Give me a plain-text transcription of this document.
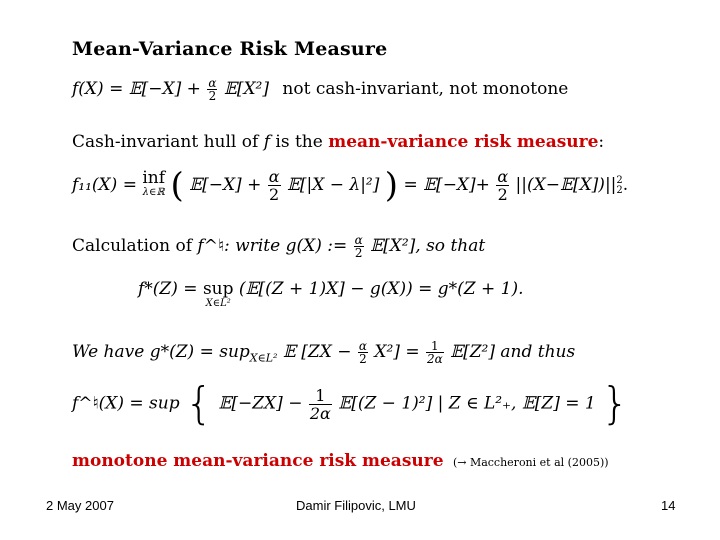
Mean-Variance Risk Measure
f(X) = 𝔼[−X] + $\frac{\alpha}{2}$ 𝔼[X²] not cash-invariant, not monotone
Cash-invariant hull of f is the mean-variance risk measure:
f₁₁(X) = inf
λ∈ℝ ( 𝔼[−X] + $\frac{\alpha}{2}$ 𝔼[|X − λ|²] ) = 𝔼[−X]+ $\frac{\alpha}{2}$ ||(X−𝔼[X])|| 2
2 .
Calculation of f^♮: write g(X) := $\frac{\alpha}{2}$ 𝔼[X²], so that
f*(Z) = sup
X∈L²
(𝔼[(Z + 1)X] − g(X)) = g*(Z + 1).
We have g*(Z) = sup$_{X\in L^2}$ 𝔼 $[ZX - \frac{\alpha}{2} X^2] = \frac{1}{2\alpha}$ 𝔼[Z²] and thus
f^♮(X) = sup { 𝔼[−ZX] − $\frac{1}{2\alpha}$ 𝔼[(Z − 1)²] | Z ∈ L²₊, 𝔼[Z] = 1 }
monotone mean-variance risk measure (→ Maccheroni et al (2005))
2 May 2007	Damir Filipovic, LMU	14
